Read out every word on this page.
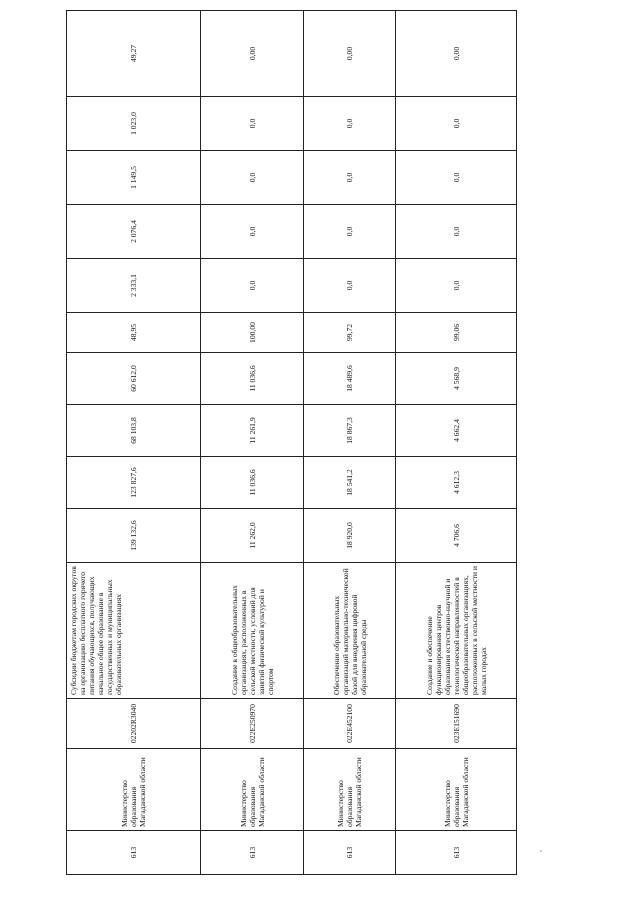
613	Министерство образования Магаданской области	02202R3040	Субсидии бюджетам городских округов на организацию бесплатного горячего питания обучающихся, получающих начальное общее образование в государственных и муниципальных образовательных организациях	139 132,6	123 827,6	68 103,8	60 612,0	48,95	2 333,1	2 076,4	1 149,5	1 023,0	49,27
613	Министерство образования Магаданской области	022E250970	Создание в общеобразовательных организациях, расположенных в сельской местности, условий для занятий физической культурой и спортом	11 262,0	11 036,6	11 261,9	11 036,6	100,00	0,0	0,0	0,0	0,0	0,00
613	Министерство образования Магаданской области	022E452100	Обеспечение образовательных организаций материально-технической базой для внедрения цифровой образовательной среды	18 920,0	18 541,2	18 867,3	18 489,6	99,72	0,0	0,0	0,0	0,0	0,00
613	Министерство образования Магаданской области	023E151690	Создание и обеспечение функционирования центров образования естественно-научной и технологической направленностей в общеобразовательных организациях, расположенных в сельской местности и малых городах	4 706,6	4 612,3	4 662,4	4 568,9	99,06	0,0	0,0	0,0	0,0	0,00
